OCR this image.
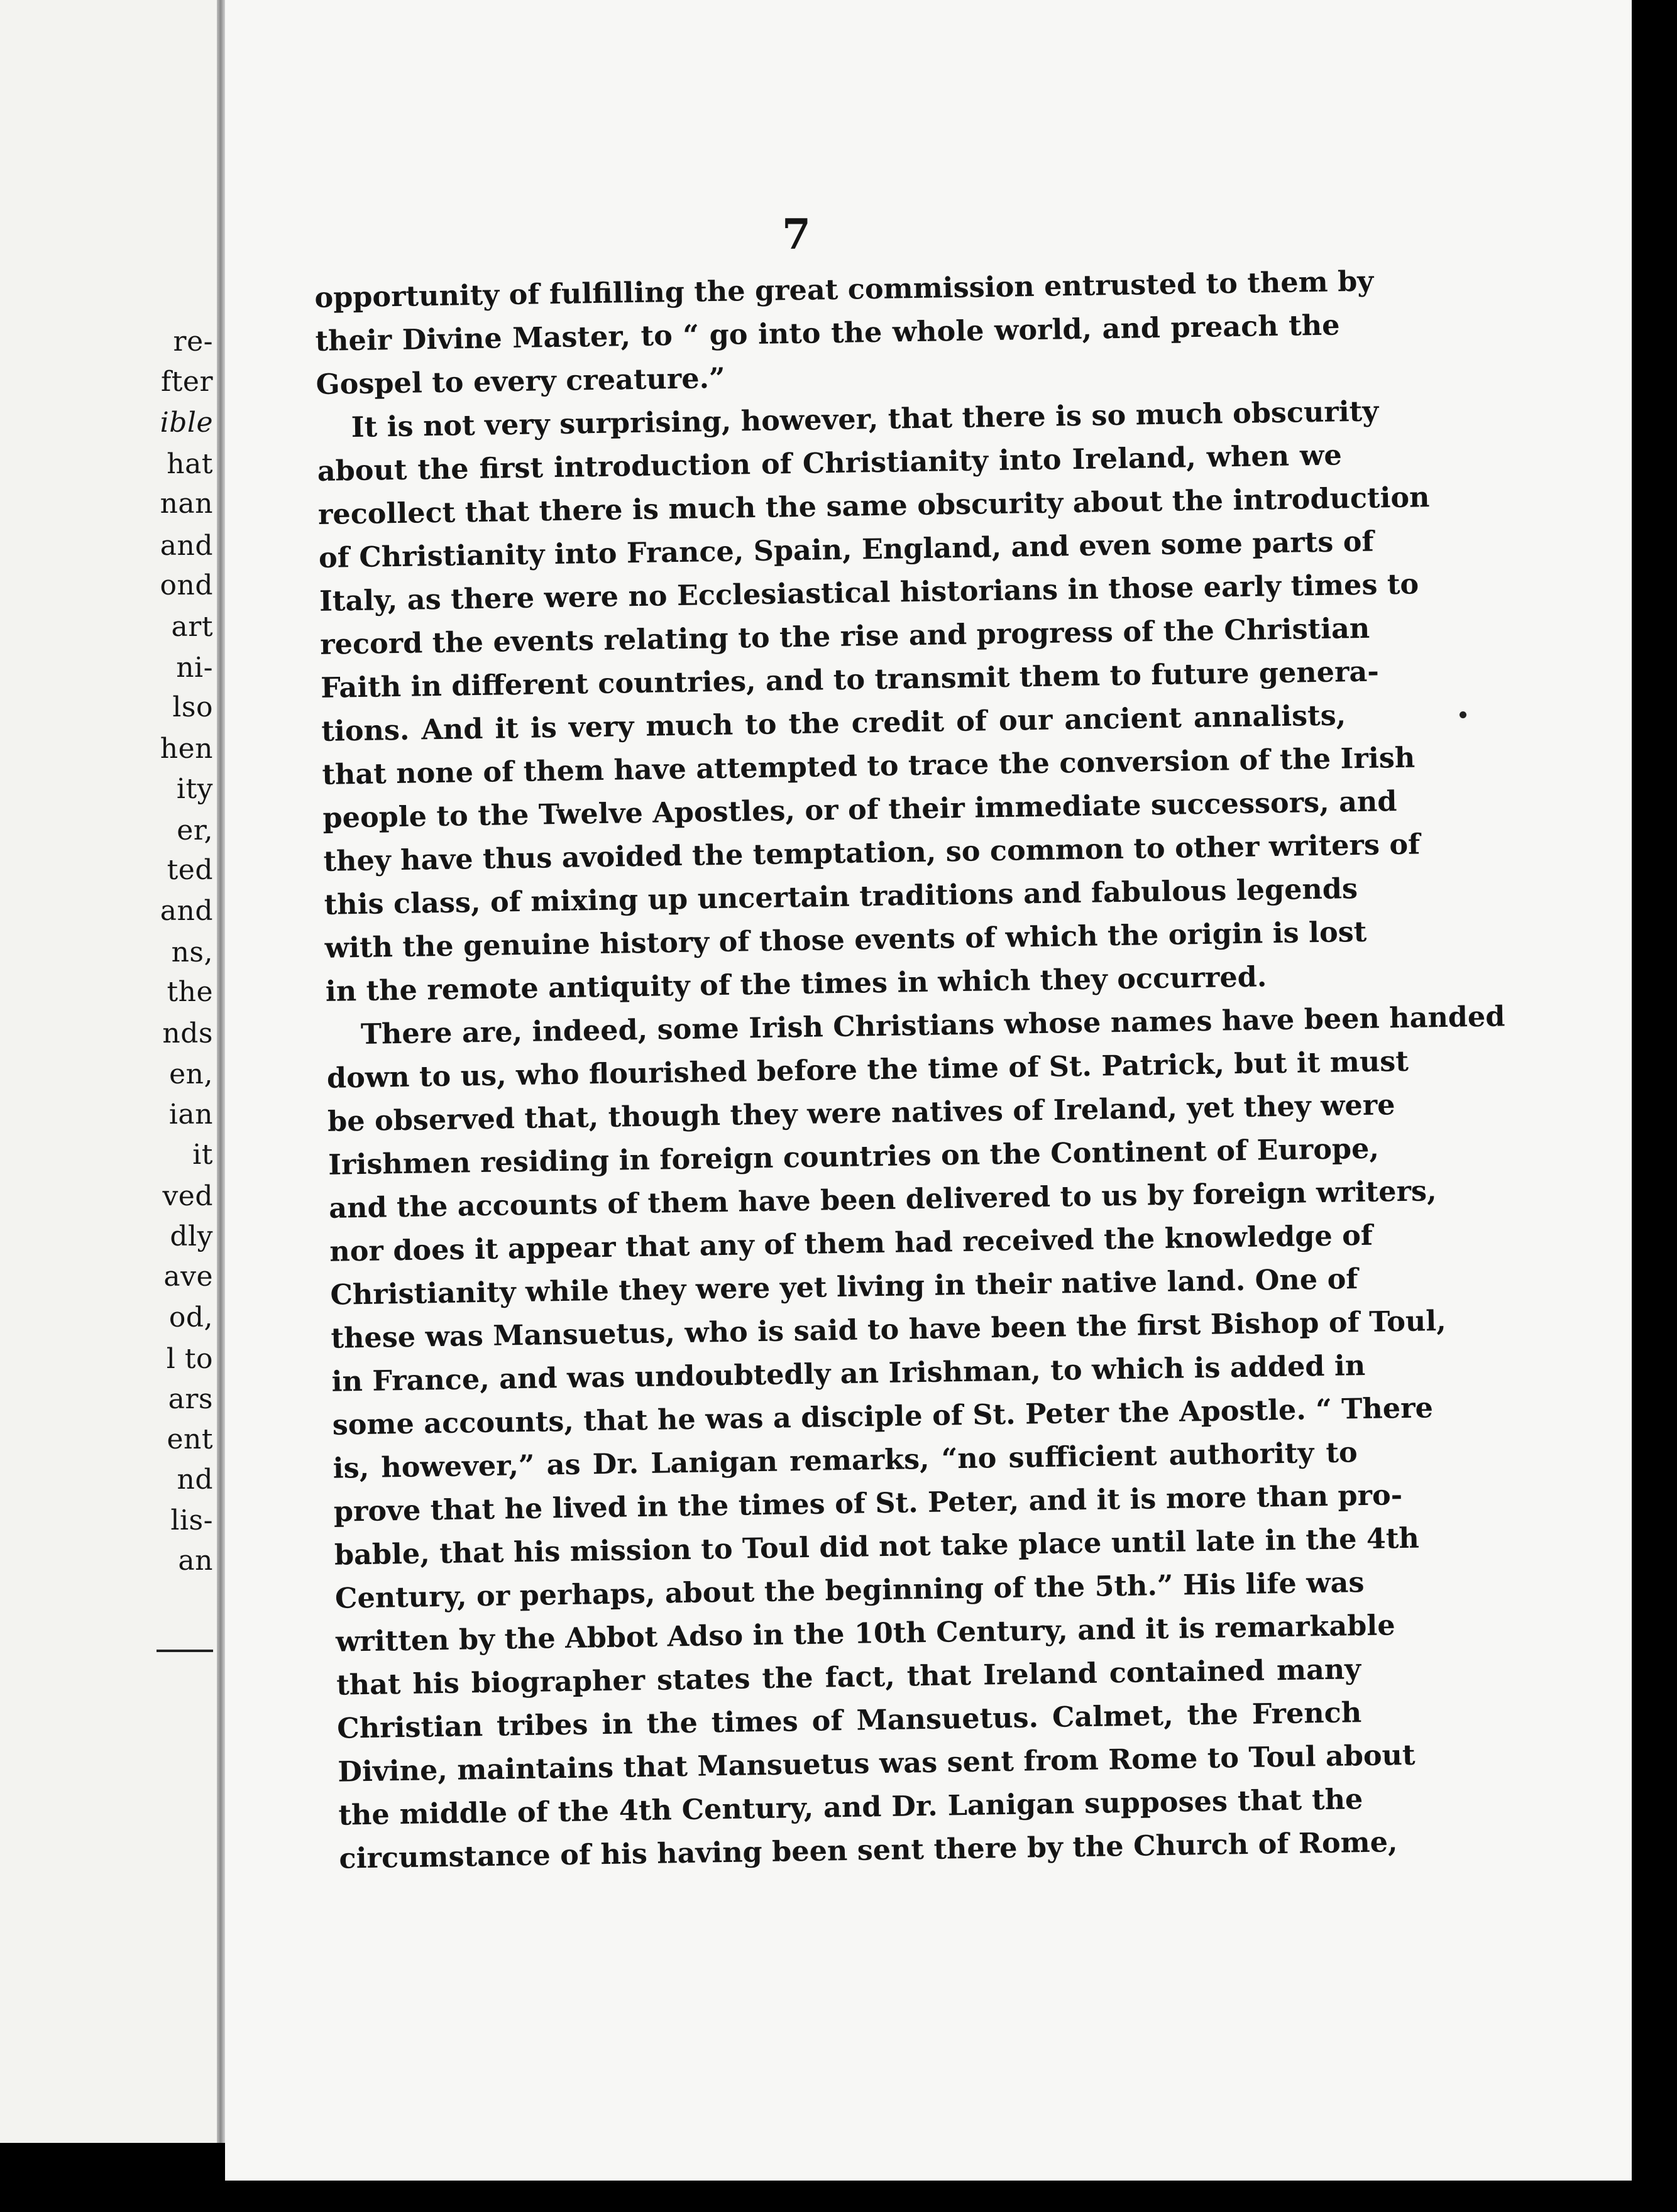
re-
fter
ible
hat
nan
and
ond
art
ni-
lso
hen
ity
er,
ted
and
ns,
the
nds
en,
ian
it
ved
dly
ave
od,
l to
ars
ent
nd
lis-
an
7
opportunity of fulfilling the great commission entrusted to them by
their Divine Master, to “ go into the whole world, and preach the
Gospel to every creature.”
It is not very surprising, however, that there is so much obscurity
about the first introduction of Christianity into Ireland, when we
recollect that there is much the same obscurity about the introduction
of Christianity into France, Spain, England, and even some parts of
Italy, as there were no Ecclesiastical historians in those early times to
record the events relating to the rise and progress of the Christian
Faith in different countries, and to transmit them to future genera-
tions. And it is very much to the credit of our ancient annalists,
that none of them have attempted to trace the conversion of the Irish
people to the Twelve Apostles, or of their immediate successors, and
they have thus avoided the temptation, so common to other writers of
this class, of mixing up uncertain traditions and fabulous legends
with the genuine history of those events of which the origin is lost
in the remote antiquity of the times in which they occurred.
There are, indeed, some Irish Christians whose names have been handed
down to us, who flourished before the time of St. Patrick, but it must
be observed that, though they were natives of Ireland, yet they were
Irishmen residing in foreign countries on the Continent of Europe,
and the accounts of them have been delivered to us by foreign writers,
nor does it appear that any of them had received the knowledge of
Christianity while they were yet living in their native land. One of
these was Mansuetus, who is said to have been the first Bishop of Toul,
in France, and was undoubtedly an Irishman, to which is added in
some accounts, that he was a disciple of St. Peter the Apostle. “ There
is, however,” as Dr. Lanigan remarks, “no sufficient authority to
prove that he lived in the times of St. Peter, and it is more than pro-
bable, that his mission to Toul did not take place until late in the 4th
Century, or perhaps, about the beginning of the 5th.” His life was
written by the Abbot Adso in the 10th Century, and it is remarkable
that his biographer states the fact, that Ireland contained many
Christian tribes in the times of Mansuetus. Calmet, the French
Divine, maintains that Mansuetus was sent from Rome to Toul about
the middle of the 4th Century, and Dr. Lanigan supposes that the
circumstance of his having been sent there by the Church of Rome,
